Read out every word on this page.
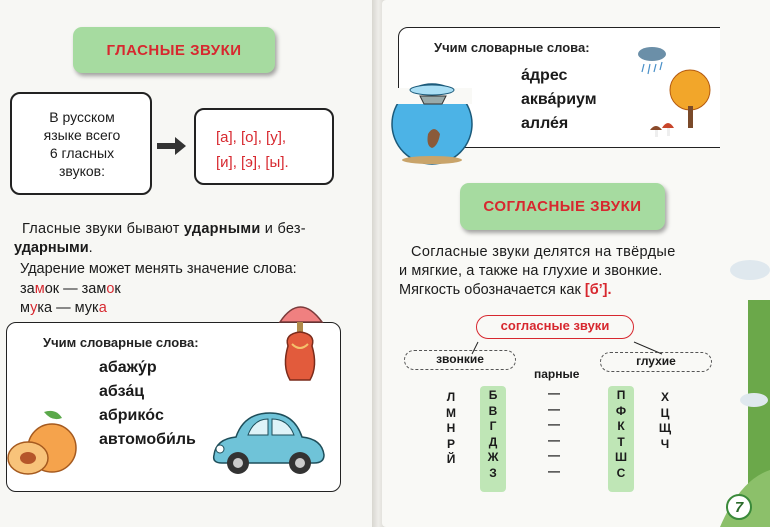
ГЛАСНЫЕ ЗВУКИ
В русском
языке всего
6 гласных
звуков:
[а], [о], [у],
[и], [э], [ы].
Гласные звуки бывают ударными и без-
ударными.
Ударение может менять значение слова:
замок — замок
мука — мука
Учим словарные слова:
абажу́р
абза́ц
абрико́с
автомоби́ль
Учим словарные слова:
а́дрес
аква́риум
алле́я
СОГЛАСНЫЕ ЗВУКИ
Согласные звуки делятся на твёрдые
и мягкие, а также на глухие и звонкие.
Мягкость обозначается как [б’].
согласные звуки
звонкие	глухие
парные
Л
М
Н
Р
Й
Б
В
Г
Д
Ж
З
—
—
—
—
—
—
П
Ф
К
Т
Ш
С
Х
Ц
Щ
Ч
7
